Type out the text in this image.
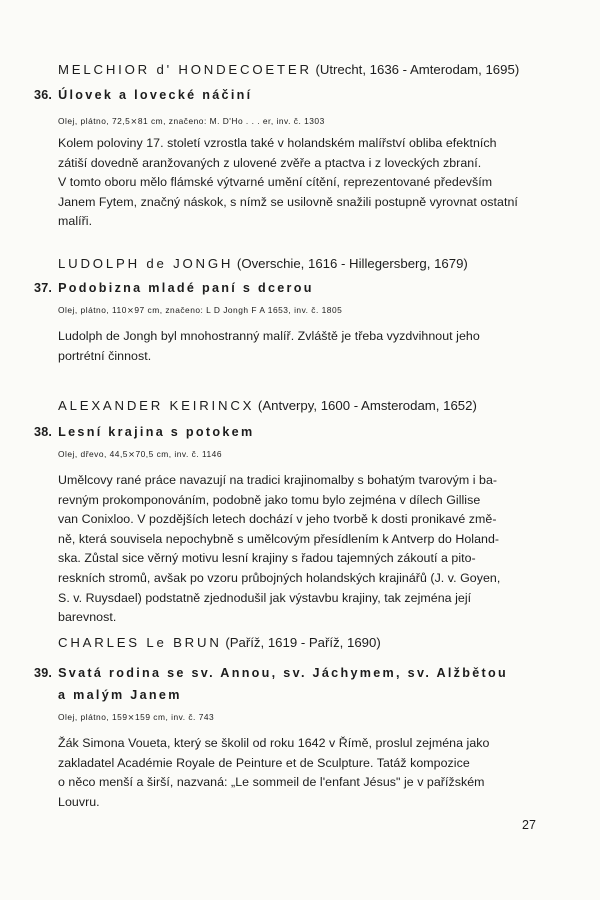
MELCHIOR d' HONDECOETER (Utrecht, 1636 - Amterodam, 1695)
36. Úlovek a lovecké náčiní
Olej, plátno, 72,5⨯81 cm, značeno: M. D'Ho . . . er, inv. č. 1303
Kolem poloviny 17. století vzrostla také v holandském malířství obliba efektních
zátiší dovedně aranžovaných z ulovené zvěře a ptactva i z loveckých zbraní.
V tomto oboru mělo flámské výtvarné umění cítění, reprezentované především
Janem Fytem, značný náskok, s nímž se usilovně snažili postupně vyrovnat ostatní
malíři.
LUDOLPH de JONGH (Overschie, 1616 - Hillegersberg, 1679)
37. Podobizna mladé paní s dcerou
Olej, plátno, 110⨯97 cm, značeno: L D Jongh F A 1653, inv. č. 1805
Ludolph de Jongh byl mnohostranný malíř. Zvláště je třeba vyzdvihnout jeho
portrétní činnost.
ALEXANDER KEIRINCX (Antverpy, 1600 - Amsterodam, 1652)
38. Lesní krajina s potokem
Olej, dřevo, 44,5⨯70,5 cm, inv. č. 1146
Umělcovy rané práce navazují na tradici krajinomalby s bohatým tvarovým i ba-
revným prokomponováním, podobně jako tomu bylo zejména v dílech Gillise
van Conixloo. V pozdějších letech dochází v jeho tvorbě k dosti pronikavé změ-
ně, která souvisela nepochybně s umělcovým přesídlením k Antverp do Holand-
ska. Zůstal sice věrný motivu lesní krajiny s řadou tajemných zákoutí a pito-
reskních stromů, avšak po vzoru průbojných holandských krajinářů (J. v. Goyen,
S. v. Ruysdael) podstatně zjednodušil jak výstavbu krajiny, tak zejména její
barevnost.
CHARLES Le BRUN (Paříž, 1619 - Paříž, 1690)
39. Svatá rodina se sv. Annou, sv. Jáchymem, sv. Alžbětou
a malým Janem
Olej, plátno, 159⨯159 cm, inv. č. 743
Žák Simona Voueta, který se školil od roku 1642 v Římě, proslul zejména jako
zakladatel Académie Royale de Peinture et de Sculpture. Tatáž kompozice
o něco menší a širší, nazvaná: „Le sommeil de l'enfant Jésus" je v pařížském
Louvru.
27
